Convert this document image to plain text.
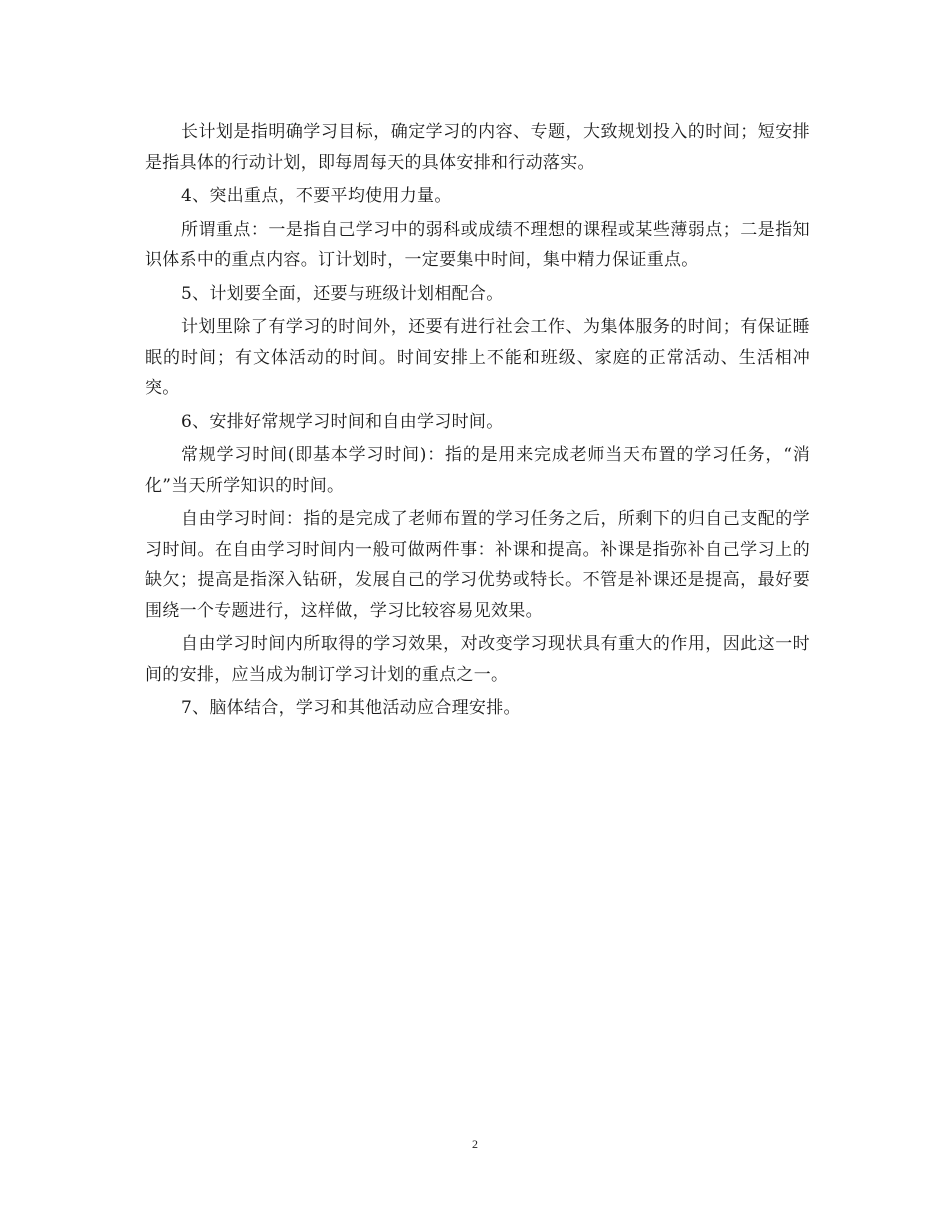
长计划是指明确学习目标，确定学习的内容、专题，大致规划投入的时间；短安排是指具体的行动计划，即每周每天的具体安排和行动落实。

4、突出重点，不要平均使用力量。

所谓重点：一是指自己学习中的弱科或成绩不理想的课程或某些薄弱点；二是指知识体系中的重点内容。订计划时，一定要集中时间，集中精力保证重点。

5、计划要全面，还要与班级计划相配合。

计划里除了有学习的时间外，还要有进行社会工作、为集体服务的时间；有保证睡眠的时间；有文体活动的时间。时间安排上不能和班级、家庭的正常活动、生活相冲突。

6、安排好常规学习时间和自由学习时间。

常规学习时间(即基本学习时间)：指的是用来完成老师当天布置的学习任务，“消化”当天所学知识的时间。

自由学习时间：指的是完成了老师布置的学习任务之后，所剩下的归自己支配的学习时间。在自由学习时间内一般可做两件事：补课和提高。补课是指弥补自己学习上的缺欠；提高是指深入钻研，发展自己的学习优势或特长。不管是补课还是提高，最好要围绕一个专题进行，这样做，学习比较容易见效果。

自由学习时间内所取得的学习效果，对改变学习现状具有重大的作用，因此这一时间的安排，应当成为制订学习计划的重点之一。

7、脑体结合，学习和其他活动应合理安排。

2
